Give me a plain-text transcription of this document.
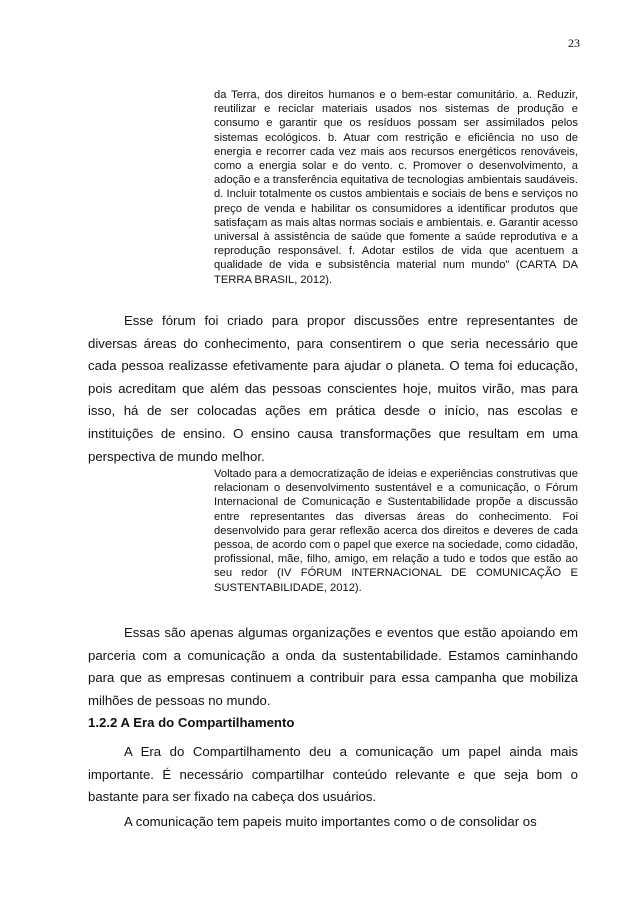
23

da Terra, dos direitos humanos e o bem-estar comunitário. a. Reduzir, reutilizar e reciclar materiais usados nos sistemas de produção e consumo e garantir que os resíduos possam ser assimilados pelos sistemas ecológicos. b. Atuar com restrição e eficiência no uso de energia e recorrer cada vez mais aos recursos energéticos renováveis, como a energia solar e do vento. c. Promover o desenvolvimento, a adoção e a transferência equitativa de tecnologias ambientais saudáveis. d. Incluir totalmente os custos ambientais e sociais de bens e serviços no preço de venda e habilitar os consumidores a identificar produtos que satisfaçam as mais altas normas sociais e ambientais. e. Garantir acesso universal à assistência de saúde que fomente a saúde reprodutiva e a reprodução responsável. f. Adotar estilos de vida que acentuem a qualidade de vida e subsistência material num mundo” (CARTA DA TERRA BRASIL, 2012).

Esse fórum foi criado para propor discussões entre representantes de diversas áreas do conhecimento, para consentirem o que seria necessário que cada pessoa realizasse efetivamente para ajudar o planeta. O tema foi educação, pois acreditam que além das pessoas conscientes hoje, muitos virão, mas para isso, há de ser colocadas ações em prática desde o início, nas escolas e instituições de ensino. O ensino causa transformações que resultam em uma perspectiva de mundo melhor.

Voltado para a democratização de ideias e experiências construtivas que relacionam o desenvolvimento sustentável e a comunicação, o Fórum Internacional de Comunicação e Sustentabilidade propõe a discussão entre representantes das diversas áreas do conhecimento. Foi desenvolvido para gerar reflexão acerca dos direitos e deveres de cada pessoa, de acordo com o papel que exerce na sociedade, como cidadão, profissional, mãe, filho, amigo, em relação a tudo e todos que estão ao seu redor (IV FÓRUM INTERNACIONAL DE COMUNICAÇÃO E SUSTENTABILIDADE, 2012).

Essas são apenas algumas organizações e eventos que estão apoiando em parceria com a comunicação a onda da sustentabilidade. Estamos caminhando para que as empresas continuem a contribuir para essa campanha que mobiliza milhões de pessoas no mundo.

1.2.2 A Era do Compartilhamento

A Era do Compartilhamento deu a comunicação um papel ainda mais importante. É necessário compartilhar conteúdo relevante e que seja bom o bastante para ser fixado na cabeça dos usuários.

A comunicação tem papeis muito importantes como o de consolidar os
